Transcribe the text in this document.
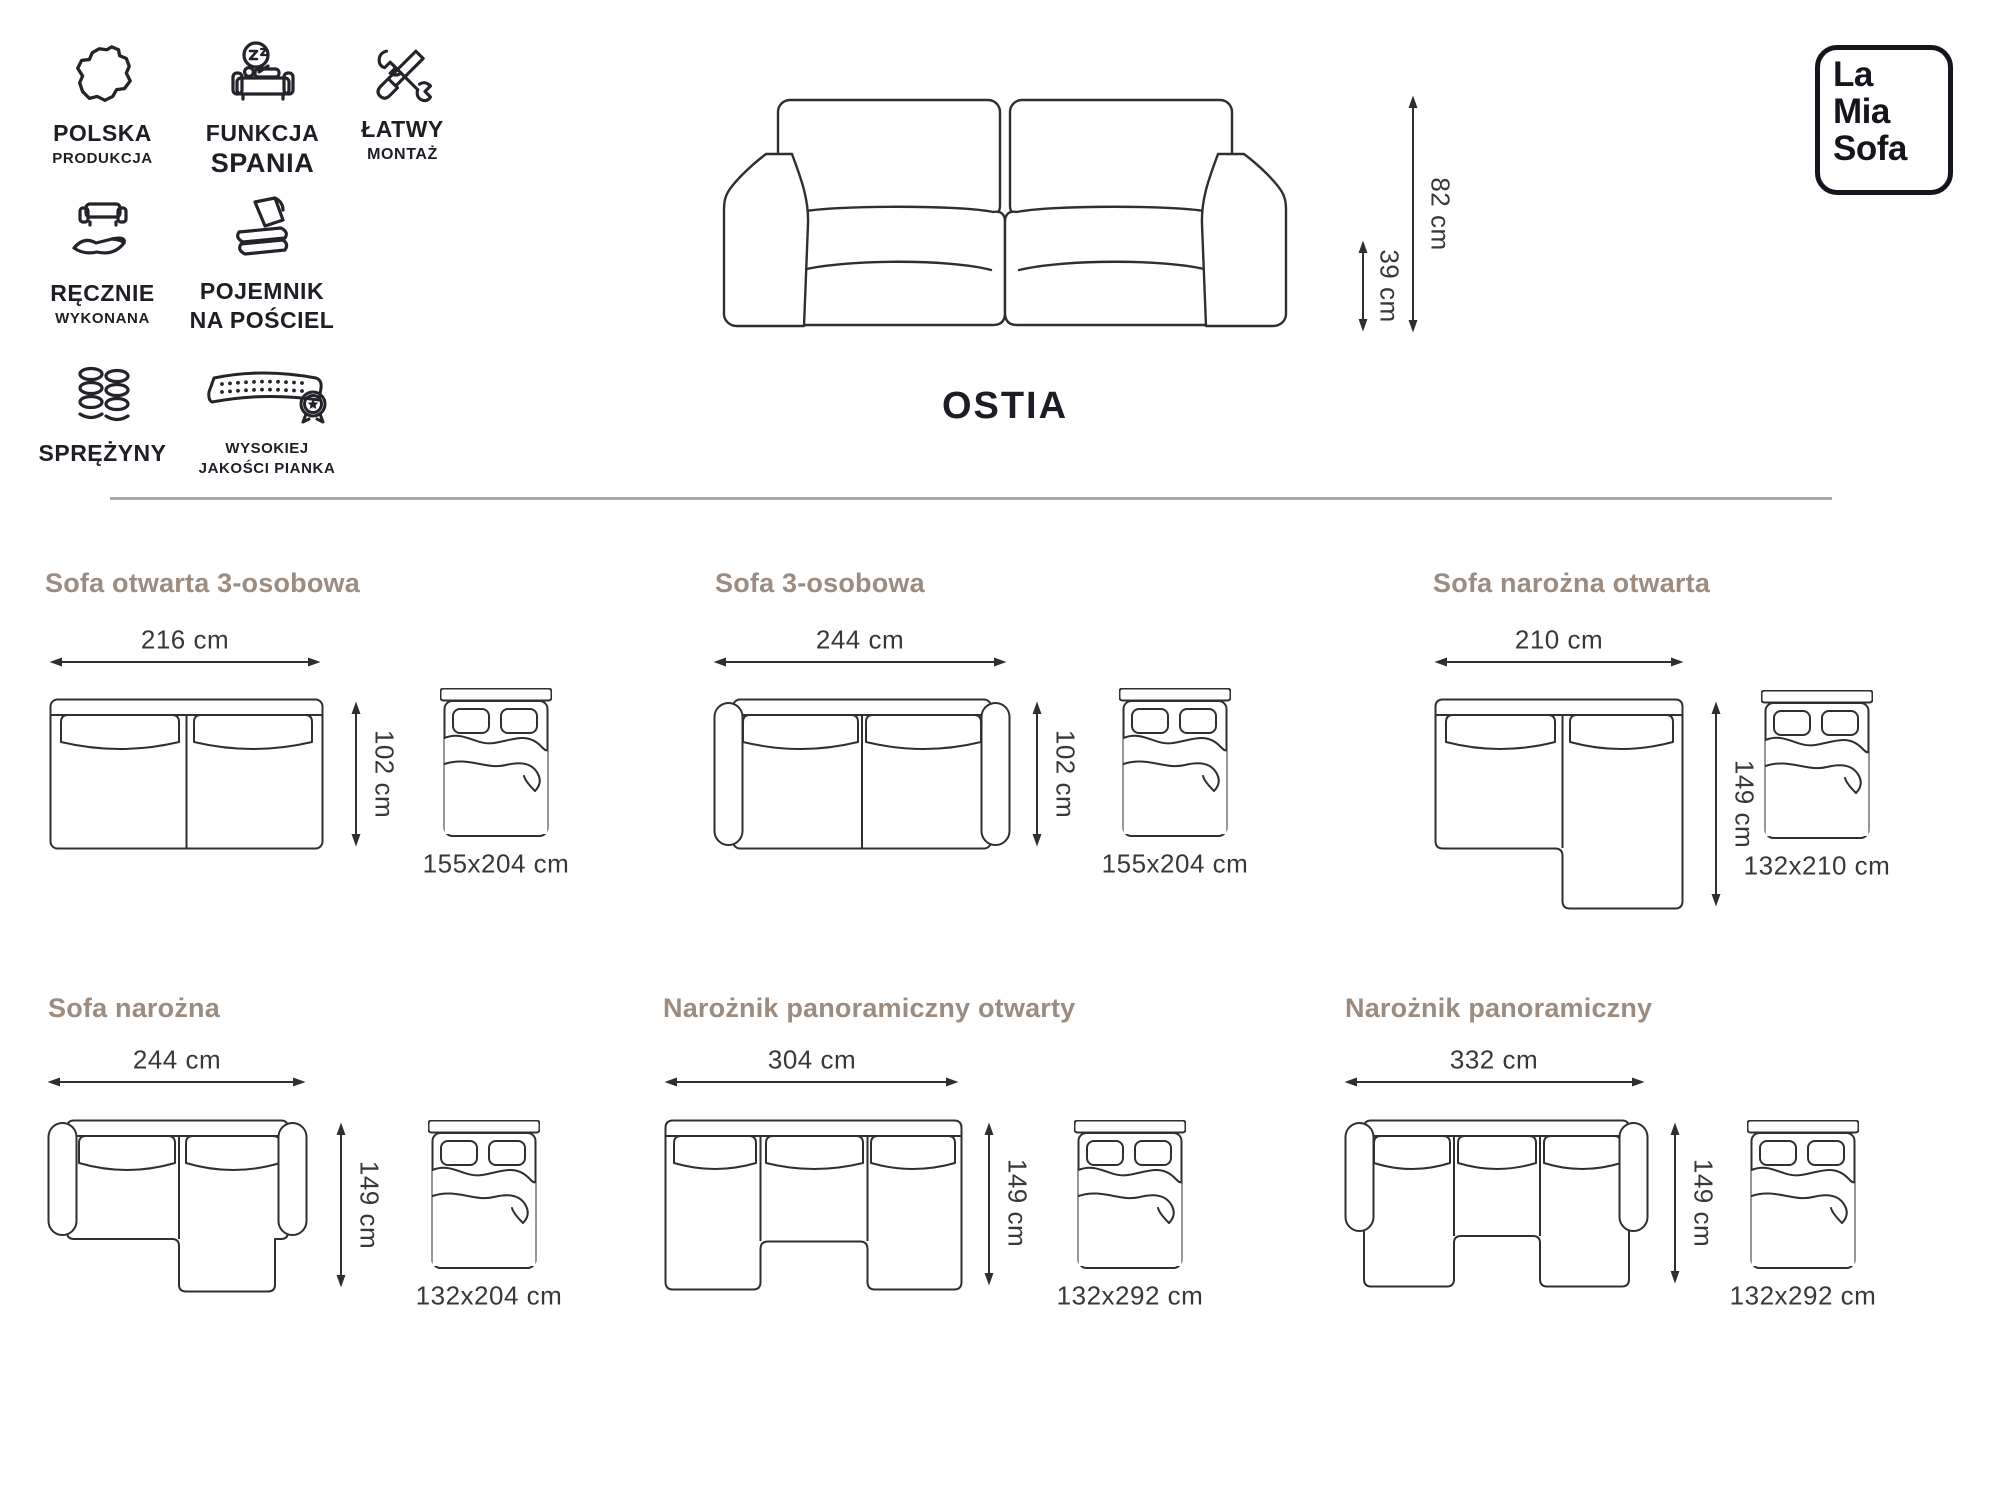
POLSKA
PRODUKCJA
FUNKCJA
SPANIA
ŁATWY
MONTAŻ
RĘCZNIE
WYKONANA
POJEMNIK
NA POŚCIEL
SPRĘŻYNY	WYSOKIEJ
JAKOŚCI PIANKA
39 cm
82 cm
OSTIA
La
Mia
Sofa
Sofa otwarta 3-osobowa
216 cm
102 cm
155x204 cm
Sofa 3-osobowa
244 cm
102 cm
155x204 cm
Sofa narożna otwarta
210 cm
149 cm
132x210 cm
Sofa narożna
244 cm
149 cm
132x204 cm
Narożnik panoramiczny otwarty
304 cm
149 cm
132x292 cm
Narożnik panoramiczny
332 cm
149 cm
132x292 cm
